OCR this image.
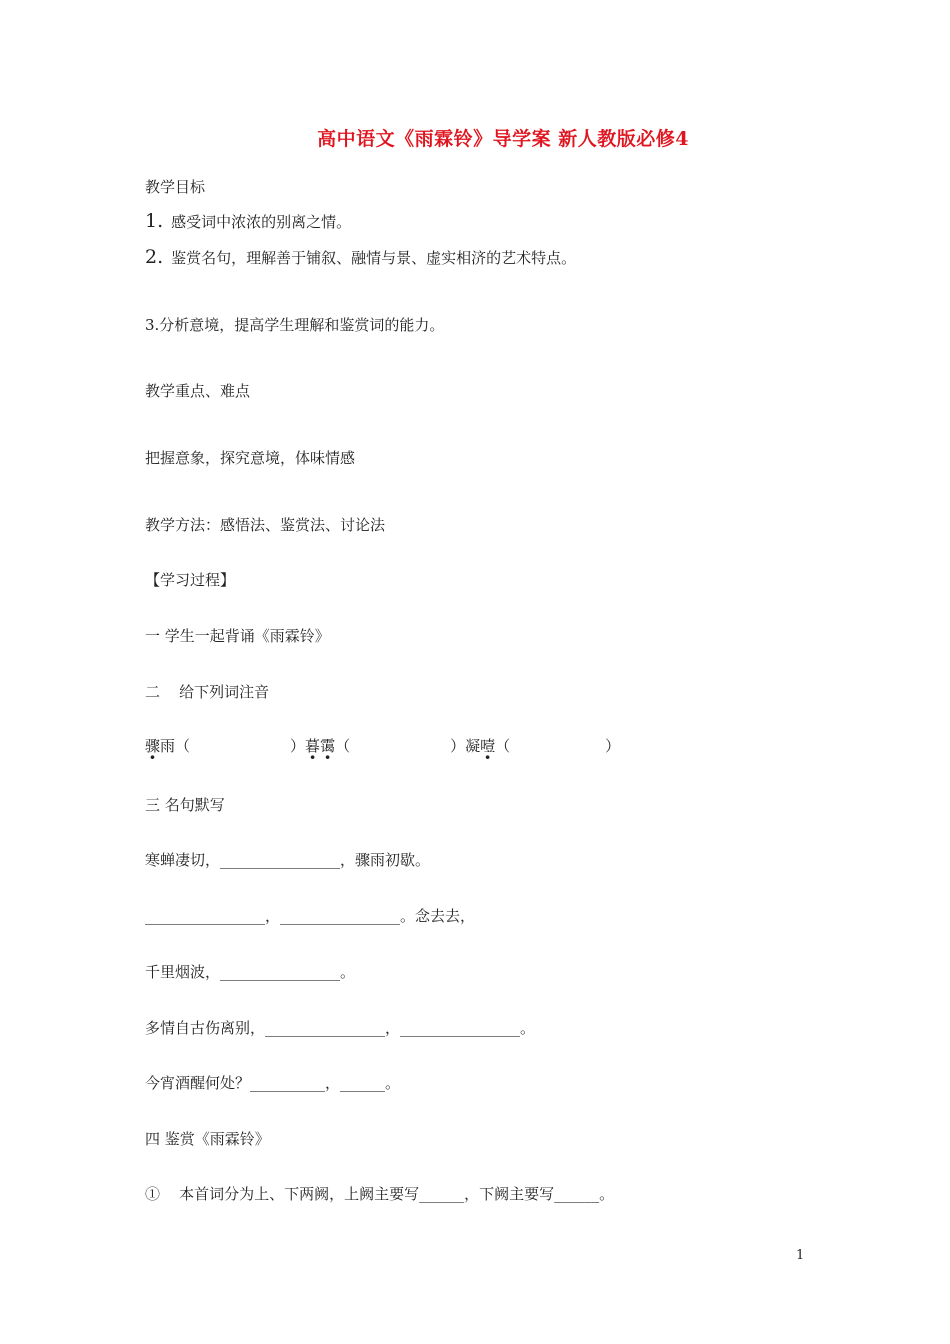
高中语文《雨霖铃》导学案 新人教版必修4
教学目标
1. 感受词中浓浓的别离之情。
2. 鉴赏名句，理解善于铺叙、融情与景、虚实相济的艺术特点。
3.分析意境，提高学生理解和鉴赏词的能力。
教学重点、难点
把握意象，探究意境，体味情感
教学方法：感悟法、鉴赏法、讨论法
【学习过程】
一 学生一起背诵《雨霖铃》
二    给下列词注音
骤雨（	）暮霭（	）凝噎（	）
三 名句默写
寒蝉凄切，________________，骤雨初歇。
________________，________________。念去去，
千里烟波，________________。
多情自古伤离别，________________，________________。
今宵酒醒何处？__________，______。
四 鉴赏《雨霖铃》
①    本首词分为上、下两阙，上阙主要写______，下阙主要写______。
1
